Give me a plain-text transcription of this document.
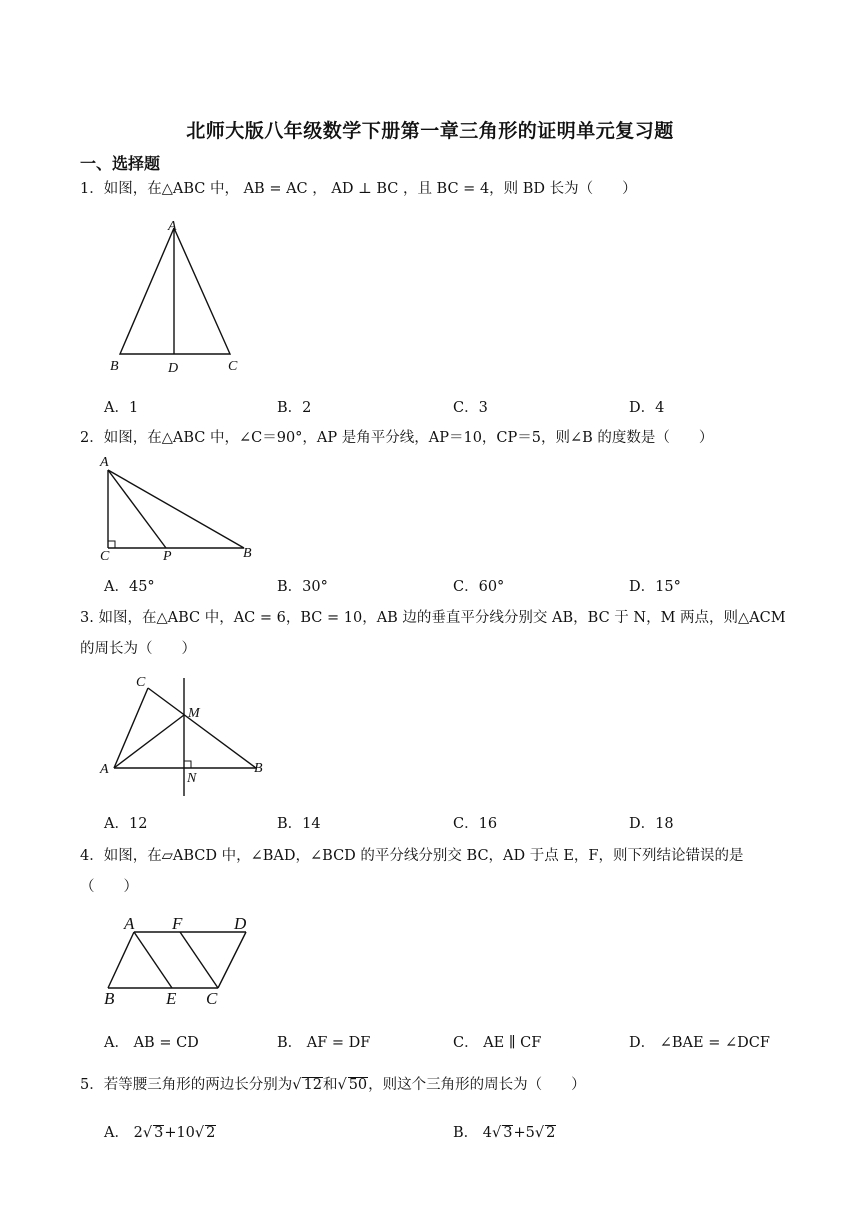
北师大版八年级数学下册第一章三角形的证明单元复习题
一、选择题
1．如图，在△ABC 中， AB = AC ， AD ⊥ BC ，且 BC = 4，则 BD 长为（　　）
A
B	D	C
A．1	B．2	C．3	D．4
2．如图，在△ABC 中，∠C＝90°，AP 是角平分线，AP＝10，CP＝5，则∠B 的度数是（　　）
A
C	P	B
A．45°	B．30°	C．60°	D．15°
3. 如图，在△ABC 中，AC = 6，BC = 10，AB 边的垂直平分线分别交 AB，BC 于 N，M 两点，则△ACM
的周长为（　　）
C
M
A
N
B
A．12	B．14	C．16	D．18
4．如图，在▱ABCD 中，∠BAD，∠BCD 的平分线分别交 BC，AD 于点 E，F，则下列结论错误的是
（　　）
A F	D
B	E C
A． AB = CD	B． AF = DF	C． AE ∥ CF	D． ∠BAE = ∠DCF
5．若等腰三角形的两边长分别为√ 12和√ 50，则这个三角形的周长为（　　）
A． 2√ 3+10√ 2	B． 4√ 3+5√ 2
